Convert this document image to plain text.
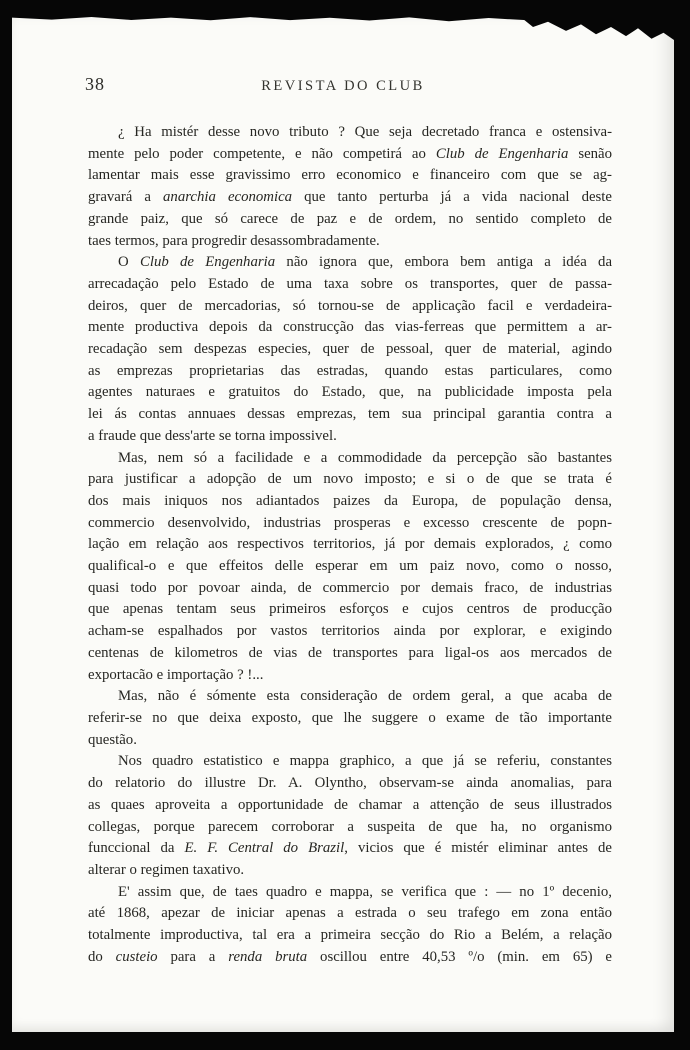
38	REVISTA DO CLUB
¿ Ha mistér desse novo tributo ? Que seja decretado franca e ostensiva-
mente pelo poder competente, e não competirá ao Club de Engenharia senão
lamentar mais esse gravissimo erro economico e financeiro com que se ag-
gravará a anarchia economica que tanto perturba já a vida nacional deste
grande paiz, que só carece de paz e de ordem, no sentido completo de
taes termos, para progredir desassombradamente.
O Club de Engenharia não ignora que, embora bem antiga a idéa da
arrecadação pelo Estado de uma taxa sobre os transportes, quer de passa-
deiros, quer de mercadorias, só tornou-se de applicação facil e verdadeira-
mente productiva depois da construcção das vias-ferreas que permittem a ar-
recadação sem despezas especies, quer de pessoal, quer de material, agindo
as emprezas proprietarias das estradas, quando estas particulares, como
agentes naturaes e gratuitos do Estado, que, na publicidade imposta pela
lei ás contas annuaes dessas emprezas, tem sua principal garantia contra a
a fraude que dess'arte se torna impossivel.
Mas, nem só a facilidade e a commodidade da percepção são bastantes
para justificar a adopção de um novo imposto; e si o de que se trata é
dos mais iniquos nos adiantados paizes da Europa, de população densa,
commercio desenvolvido, industrias prosperas e excesso crescente de popn-
lação em relação aos respectivos territorios, já por demais explorados, ¿ como
qualifical-o e que effeitos delle esperar em um paiz novo, como o nosso,
quasi todo por povoar ainda, de commercio por demais fraco, de industrias
que apenas tentam seus primeiros esforços e cujos centros de producção
acham-se espalhados por vastos territorios ainda por explorar, e exigindo
centenas de kilometros de vias de transportes para ligal-os aos mercados de
exportacão e importação ? !...
Mas, não é sómente esta consideração de ordem geral, a que acaba de
referir-se no que deixa exposto, que lhe suggere o exame de tão importante
questão.
Nos quadro estatistico e mappa graphico, a que já se referiu, constantes
do relatorio do illustre Dr. A. Olyntho, observam-se ainda anomalias, para
as quaes aproveita a opportunidade de chamar a attenção de seus illustrados
collegas, porque parecem corroborar a suspeita de que ha, no organismo
funccional da E. F. Central do Brazil, vicios que é mistér eliminar antes de
alterar o regimen taxativo.
E' assim que, de taes quadro e mappa, se verifica que : — no 1º decenio,
até 1868, apezar de iniciar apenas a estrada o seu trafego em zona então
totalmente improductiva, tal era a primeira secção do Rio a Belém, a relação
do custeio para a renda bruta oscillou entre 40,53 º/o (min. em 65) e
